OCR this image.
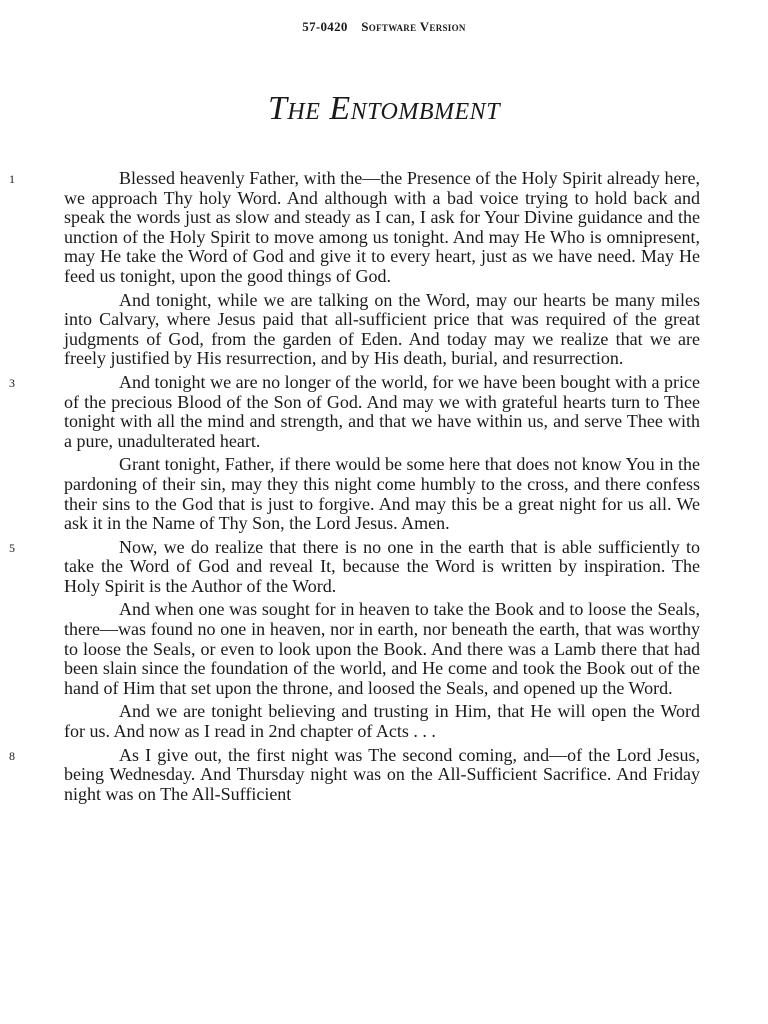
57-0420 Software Version
The Entombment

1	Blessed heavenly Father, with the—the Presence of the Holy Spirit already here, we approach Thy holy Word. And although with a bad voice trying to hold back and speak the words just as slow and steady as I can, I ask for Your Divine guidance and the unction of the Holy Spirit to move among us tonight. And may He Who is omnipresent, may He take the Word of God and give it to every heart, just as we have need. May He feed us tonight, upon the good things of God.

And tonight, while we are talking on the Word, may our hearts be many miles into Calvary, where Jesus paid that all-sufficient price that was required of the great judgments of God, from the garden of Eden. And today may we realize that we are freely justified by His resurrection, and by His death, burial, and resurrection.

3	And tonight we are no longer of the world, for we have been bought with a price of the precious Blood of the Son of God. And may we with grateful hearts turn to Thee tonight with all the mind and strength, and that we have within us, and serve Thee with a pure, unadulterated heart.

Grant tonight, Father, if there would be some here that does not know You in the pardoning of their sin, may they this night come humbly to the cross, and there confess their sins to the God that is just to forgive. And may this be a great night for us all. We ask it in the Name of Thy Son, the Lord Jesus. Amen.

5	Now, we do realize that there is no one in the earth that is able sufficiently to take the Word of God and reveal It, because the Word is written by inspiration. The Holy Spirit is the Author of the Word.

And when one was sought for in heaven to take the Book and to loose the Seals, there—was found no one in heaven, nor in earth, nor beneath the earth, that was worthy to loose the Seals, or even to look upon the Book. And there was a Lamb there that had been slain since the foundation of the world, and He come and took the Book out of the hand of Him that set upon the throne, and loosed the Seals, and opened up the Word.

And we are tonight believing and trusting in Him, that He will open the Word for us. And now as I read in 2nd chapter of Acts . . .

8	As I give out, the first night was The second coming, and—of the Lord Jesus, being Wednesday. And Thursday night was on the All-Sufficient Sacrifice. And Friday night was on The All-Sufficient
